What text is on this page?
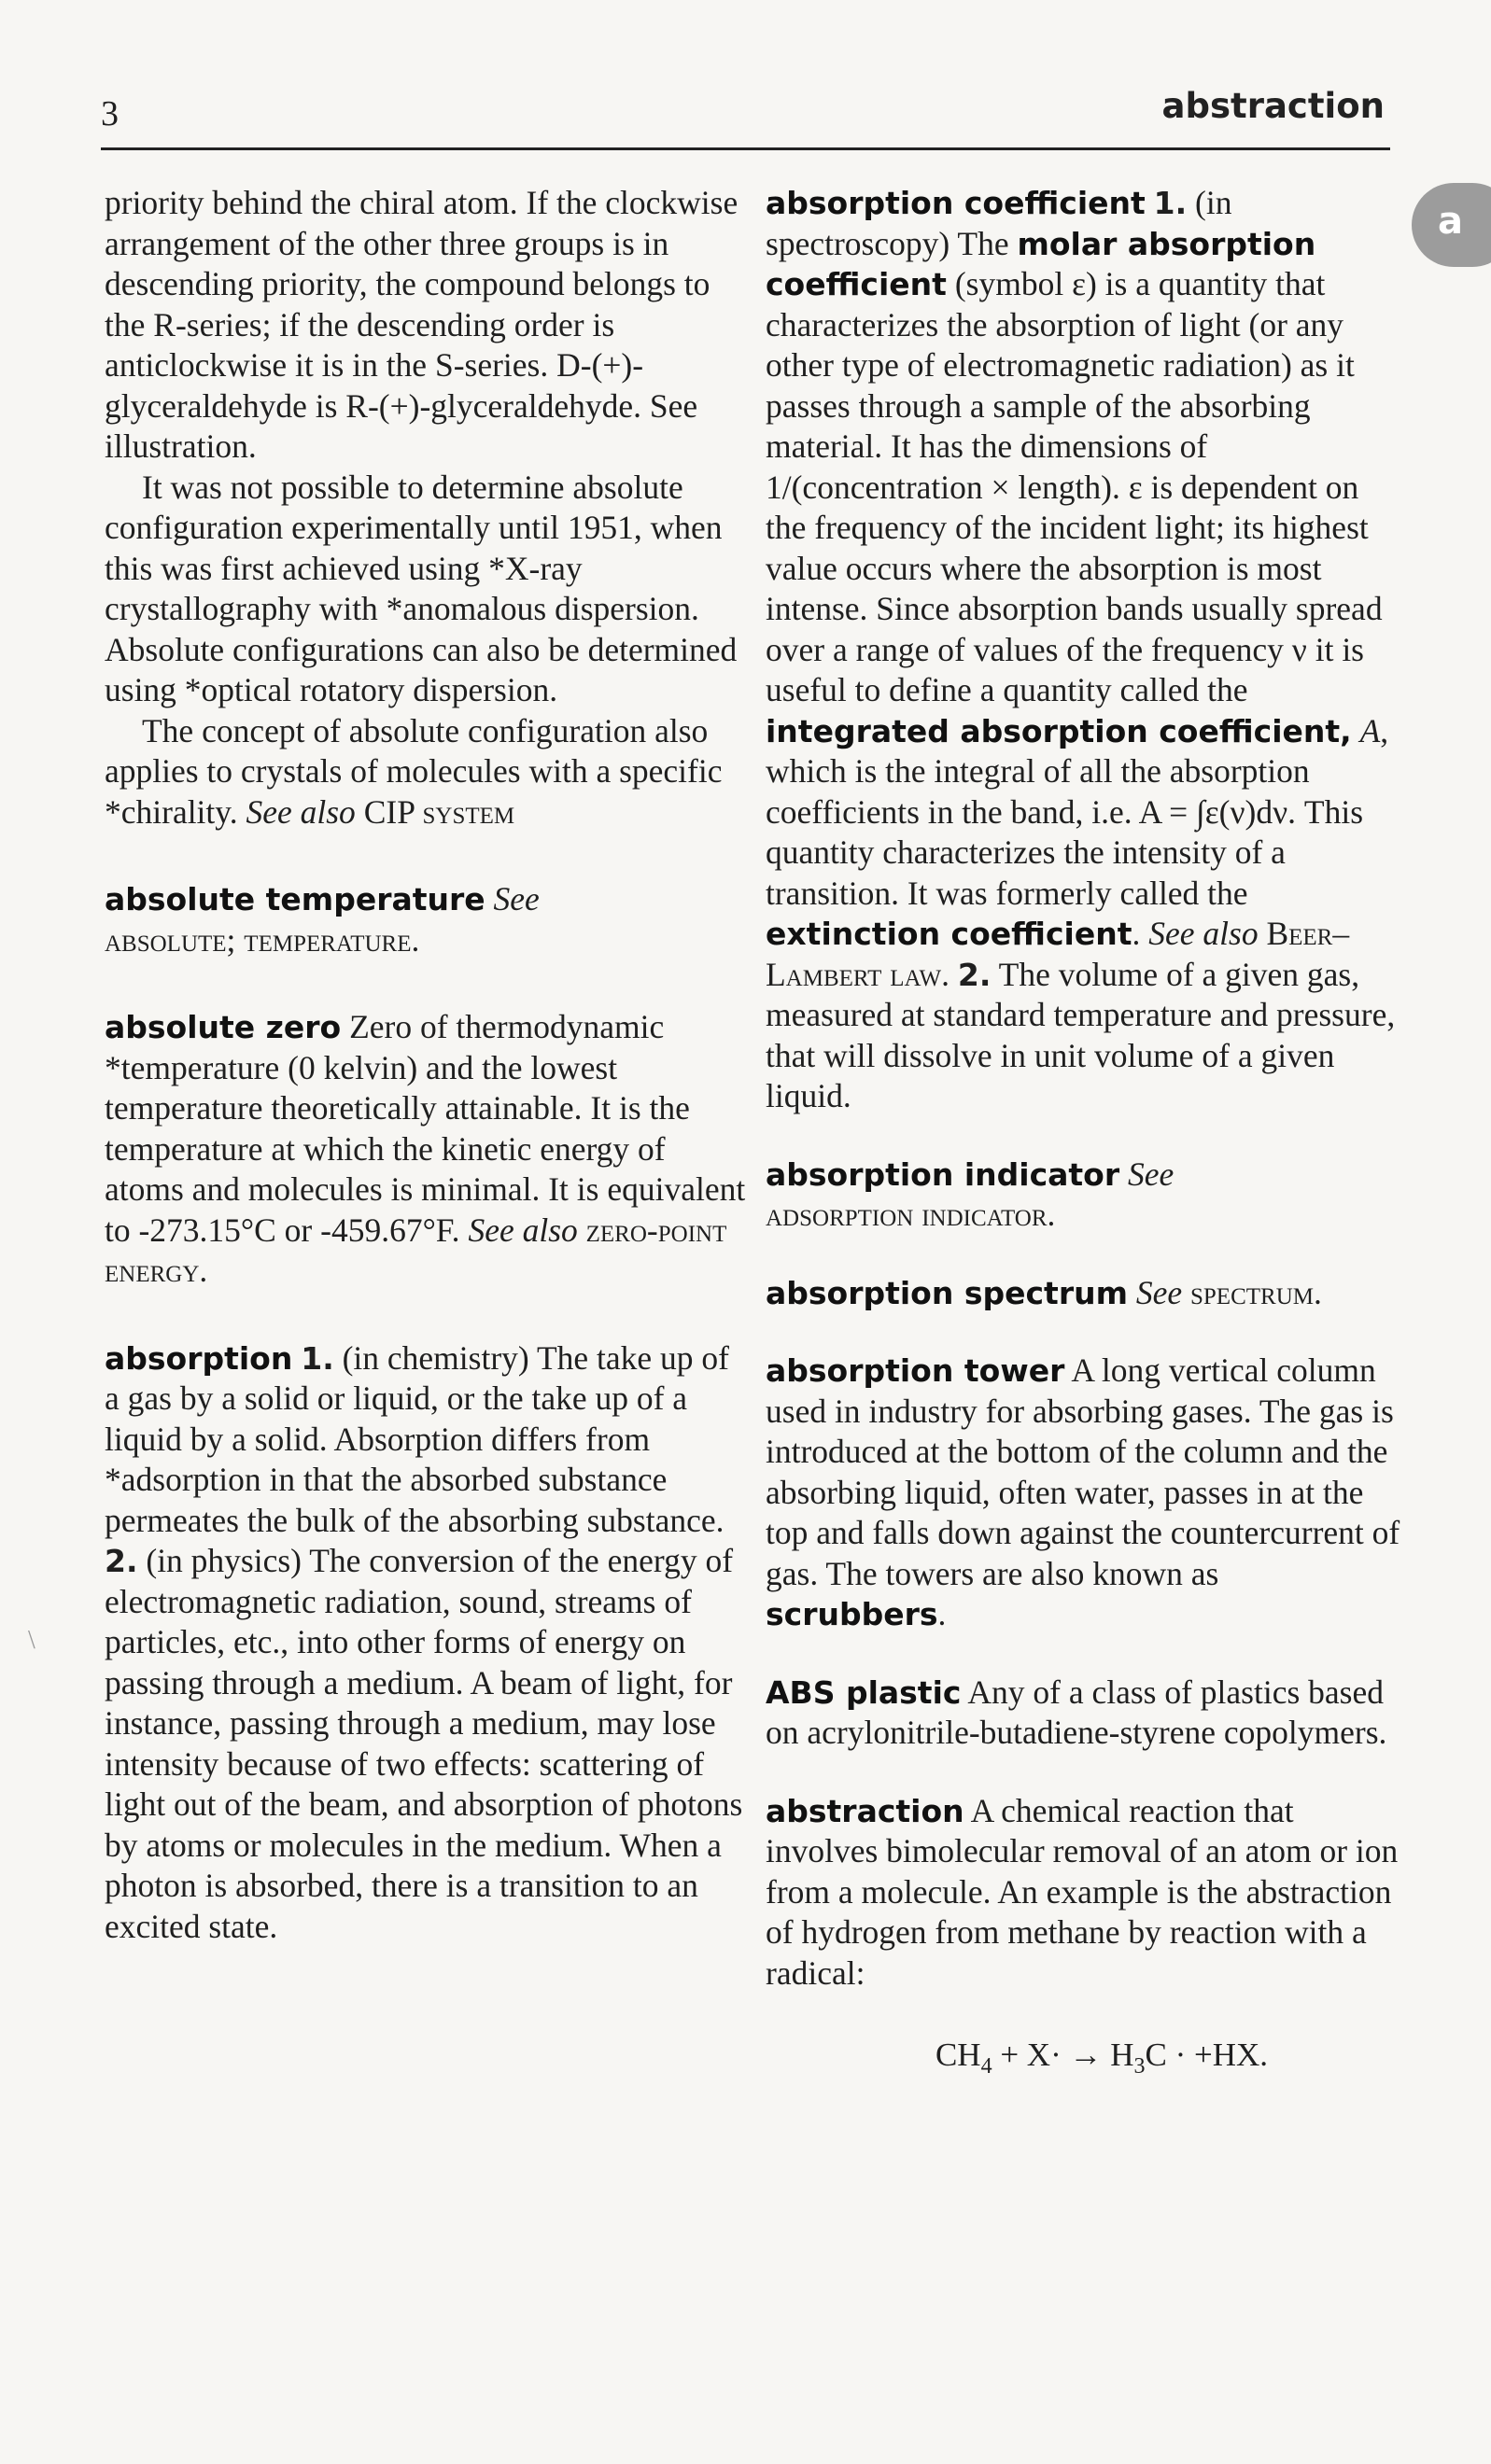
3	abstraction
a
\

priority behind the chiral atom. If the clockwise arrangement of the other three groups is in descending priority, the compound belongs to the R-series; if the descending order is anticlockwise it is in the S-series. D-(+)-glyceraldehyde is R-(+)-glyceraldehyde. See illustration.

It was not possible to determine absolute configuration experimentally until 1951, when this was first achieved using *X-ray crystallography with *anomalous dispersion. Absolute configurations can also be determined using *optical rotatory dispersion.

The concept of absolute configuration also applies to crystals of molecules with a specific *chirality. See also CIP system

absolute temperature See
absolute; temperature.

absolute zero Zero of thermodynamic *temperature (0 kelvin) and the lowest temperature theoretically attainable. It is the temperature at which the kinetic energy of atoms and molecules is minimal. It is equivalent to -273.15°C or -459.67°F. See also zero-point energy.

absorption 1. (in chemistry) The take up of a gas by a solid or liquid, or the take up of a liquid by a solid. Absorption differs from *adsorption in that the absorbed substance permeates the bulk of the absorbing substance. 2. (in physics) The conversion of the energy of electromagnetic radiation, sound, streams of particles, etc., into other forms of energy on passing through a medium. A beam of light, for instance, passing through a medium, may lose intensity because of two effects: scattering of light out of the beam, and absorption of photons by atoms or molecules in the medium. When a photon is absorbed, there is a transition to an excited state.

absorption coefficient 1. (in spectroscopy) The molar absorption coefficient (symbol ε) is a quantity that characterizes the absorption of light (or any other type of electromagnetic radiation) as it passes through a sample of the absorbing material. It has the dimensions of 1/(concentration × length). ε is dependent on the frequency of the incident light; its highest value occurs where the absorption is most intense. Since absorption bands usually spread over a range of values of the frequency ν it is useful to define a quantity called the integrated absorption coefficient, A, which is the integral of all the absorption coefficients in the band, i.e. A = ∫ε(ν)dν. This quantity characterizes the intensity of a transition. It was formerly called the extinction coefficient. See also Beer–Lambert law. 2. The volume of a given gas, measured at standard temperature and pressure, that will dissolve in unit volume of a given liquid.

absorption indicator See
adsorption indicator.

absorption spectrum See spectrum.

absorption tower A long vertical column used in industry for absorbing gases. The gas is introduced at the bottom of the column and the absorbing liquid, often water, passes in at the top and falls down against the countercurrent of gas. The towers are also known as scrubbers.

ABS plastic Any of a class of plastics based on acrylonitrile-butadiene-styrene copolymers.

abstraction A chemical reaction that involves bimolecular removal of an atom or ion from a molecule. An example is the abstraction of hydrogen from methane by reaction with a radical:

$CH_4 + X\cdot \to H_3C \cdot +HX$.
